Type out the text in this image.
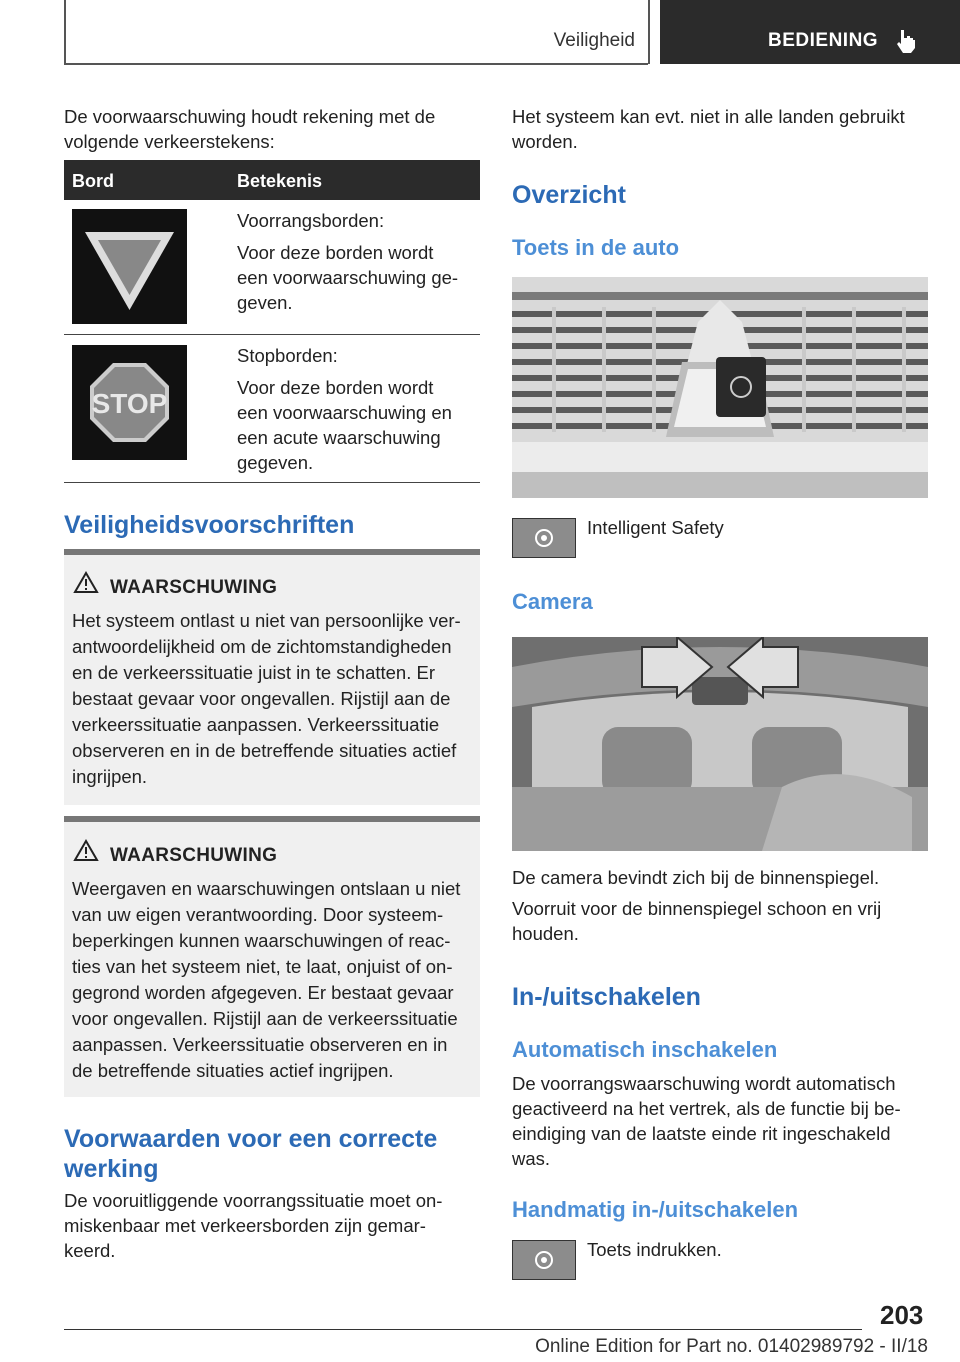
Veiligheid	BEDIENING
De voorwaarschuwing houdt rekening met de
volgende verkeerstekens:
Bord	Betekenis
Voorrangsborden:
Voor deze borden wordt
een voorwaarschuwing ge-
geven.
STOP
Stopborden:
Voor deze borden wordt
een voorwaarschuwing en
een acute waarschuwing
gegeven.
Veiligheidsvoorschriften
WAARSCHUWING
Het systeem ontlast u niet van persoonlijke ver-
antwoordelijkheid om de zichtomstandigheden
en de verkeerssituatie juist in te schatten. Er
bestaat gevaar voor ongevallen. Rijstijl aan de
verkeerssituatie aanpassen. Verkeerssituatie
observeren en in de betreffende situaties actief
ingrijpen.
WAARSCHUWING
Weergaven en waarschuwingen ontslaan u niet
van uw eigen verantwoording. Door systeem-
beperkingen kunnen waarschuwingen of reac-
ties van het systeem niet, te laat, onjuist of on-
gegrond worden afgegeven. Er bestaat gevaar
voor ongevallen. Rijstijl aan de verkeerssituatie
aanpassen. Verkeerssituatie observeren en in
de betreffende situaties actief ingrijpen.
Voorwaarden voor een correcte
werking
De vooruitliggende voorrangssituatie moet on-
miskenbaar met verkeersborden zijn gemar-
keerd.
Het systeem kan evt. niet in alle landen gebruikt
worden.
Overzicht
Toets in de auto
Intelligent Safety
Camera
De camera bevindt zich bij de binnenspiegel.
Voorruit voor de binnenspiegel schoon en vrij
houden.
In-/uitschakelen
Automatisch inschakelen
De voorrangswaarschuwing wordt automatisch
geactiveerd na het vertrek, als de functie bij be-
eindiging van de laatste einde rit ingeschakeld
was.
Handmatig in-/uitschakelen
Toets indrukken.
203
Online Edition for Part no. 01402989792 - II/18
